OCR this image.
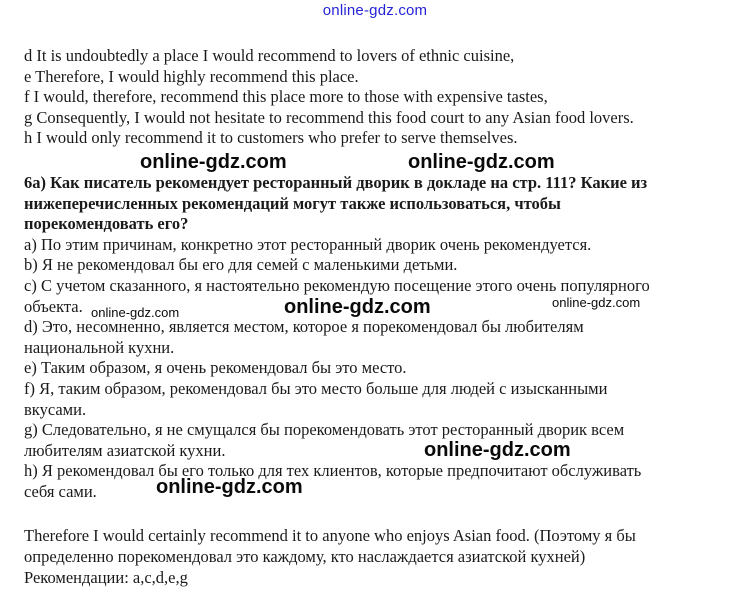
online-gdz.com
d It is undoubtedly a place I would recommend to lovers of ethnic cuisine,
e Therefore, I would highly recommend this place.
f I would, therefore, recommend this place more to those with expensive tastes,
g Consequently, I would not hesitate to recommend this food court to any Asian food lovers.
h I would only recommend it to customers who prefer to serve themselves.
6a) Как писатель рекомендует ресторанный дворик в докладе на стр. 111? Какие из
нижеперечисленных рекомендаций могут также использоваться, чтобы
порекомендовать его?
a) По этим причинам, конкретно этот ресторанный дворик очень рекомендуется.
b) Я не рекомендовал бы его для семей с маленькими детьми.
c) С учетом сказанного, я настоятельно рекомендую посещение этого очень популярного
объекта.
d) Это, несомненно, является местом, которое я порекомендовал бы любителям
национальной кухни.
e) Таким образом, я очень рекомендовал бы это место.
f) Я, таким образом, рекомендовал бы это место больше для людей с изысканными
вкусами.
g) Следовательно, я не смущался бы порекомендовать этот ресторанный дворик всем
любителям азиатской кухни.
h) Я рекомендовал бы его только для тех клиентов, которые предпочитают обслуживать
себя сами.
Therefore I would certainly recommend it to anyone who enjoys Asian food. (Поэтому я бы
определенно порекомендовал это каждому, кто наслаждается азиатской кухней)
Рекомендации: a,c,d,e,g
online-gdz.com	online-gdz.com
online-gdz.com
online-gdz.com
online-gdz.com
online-gdz.com
online-gdz.com
